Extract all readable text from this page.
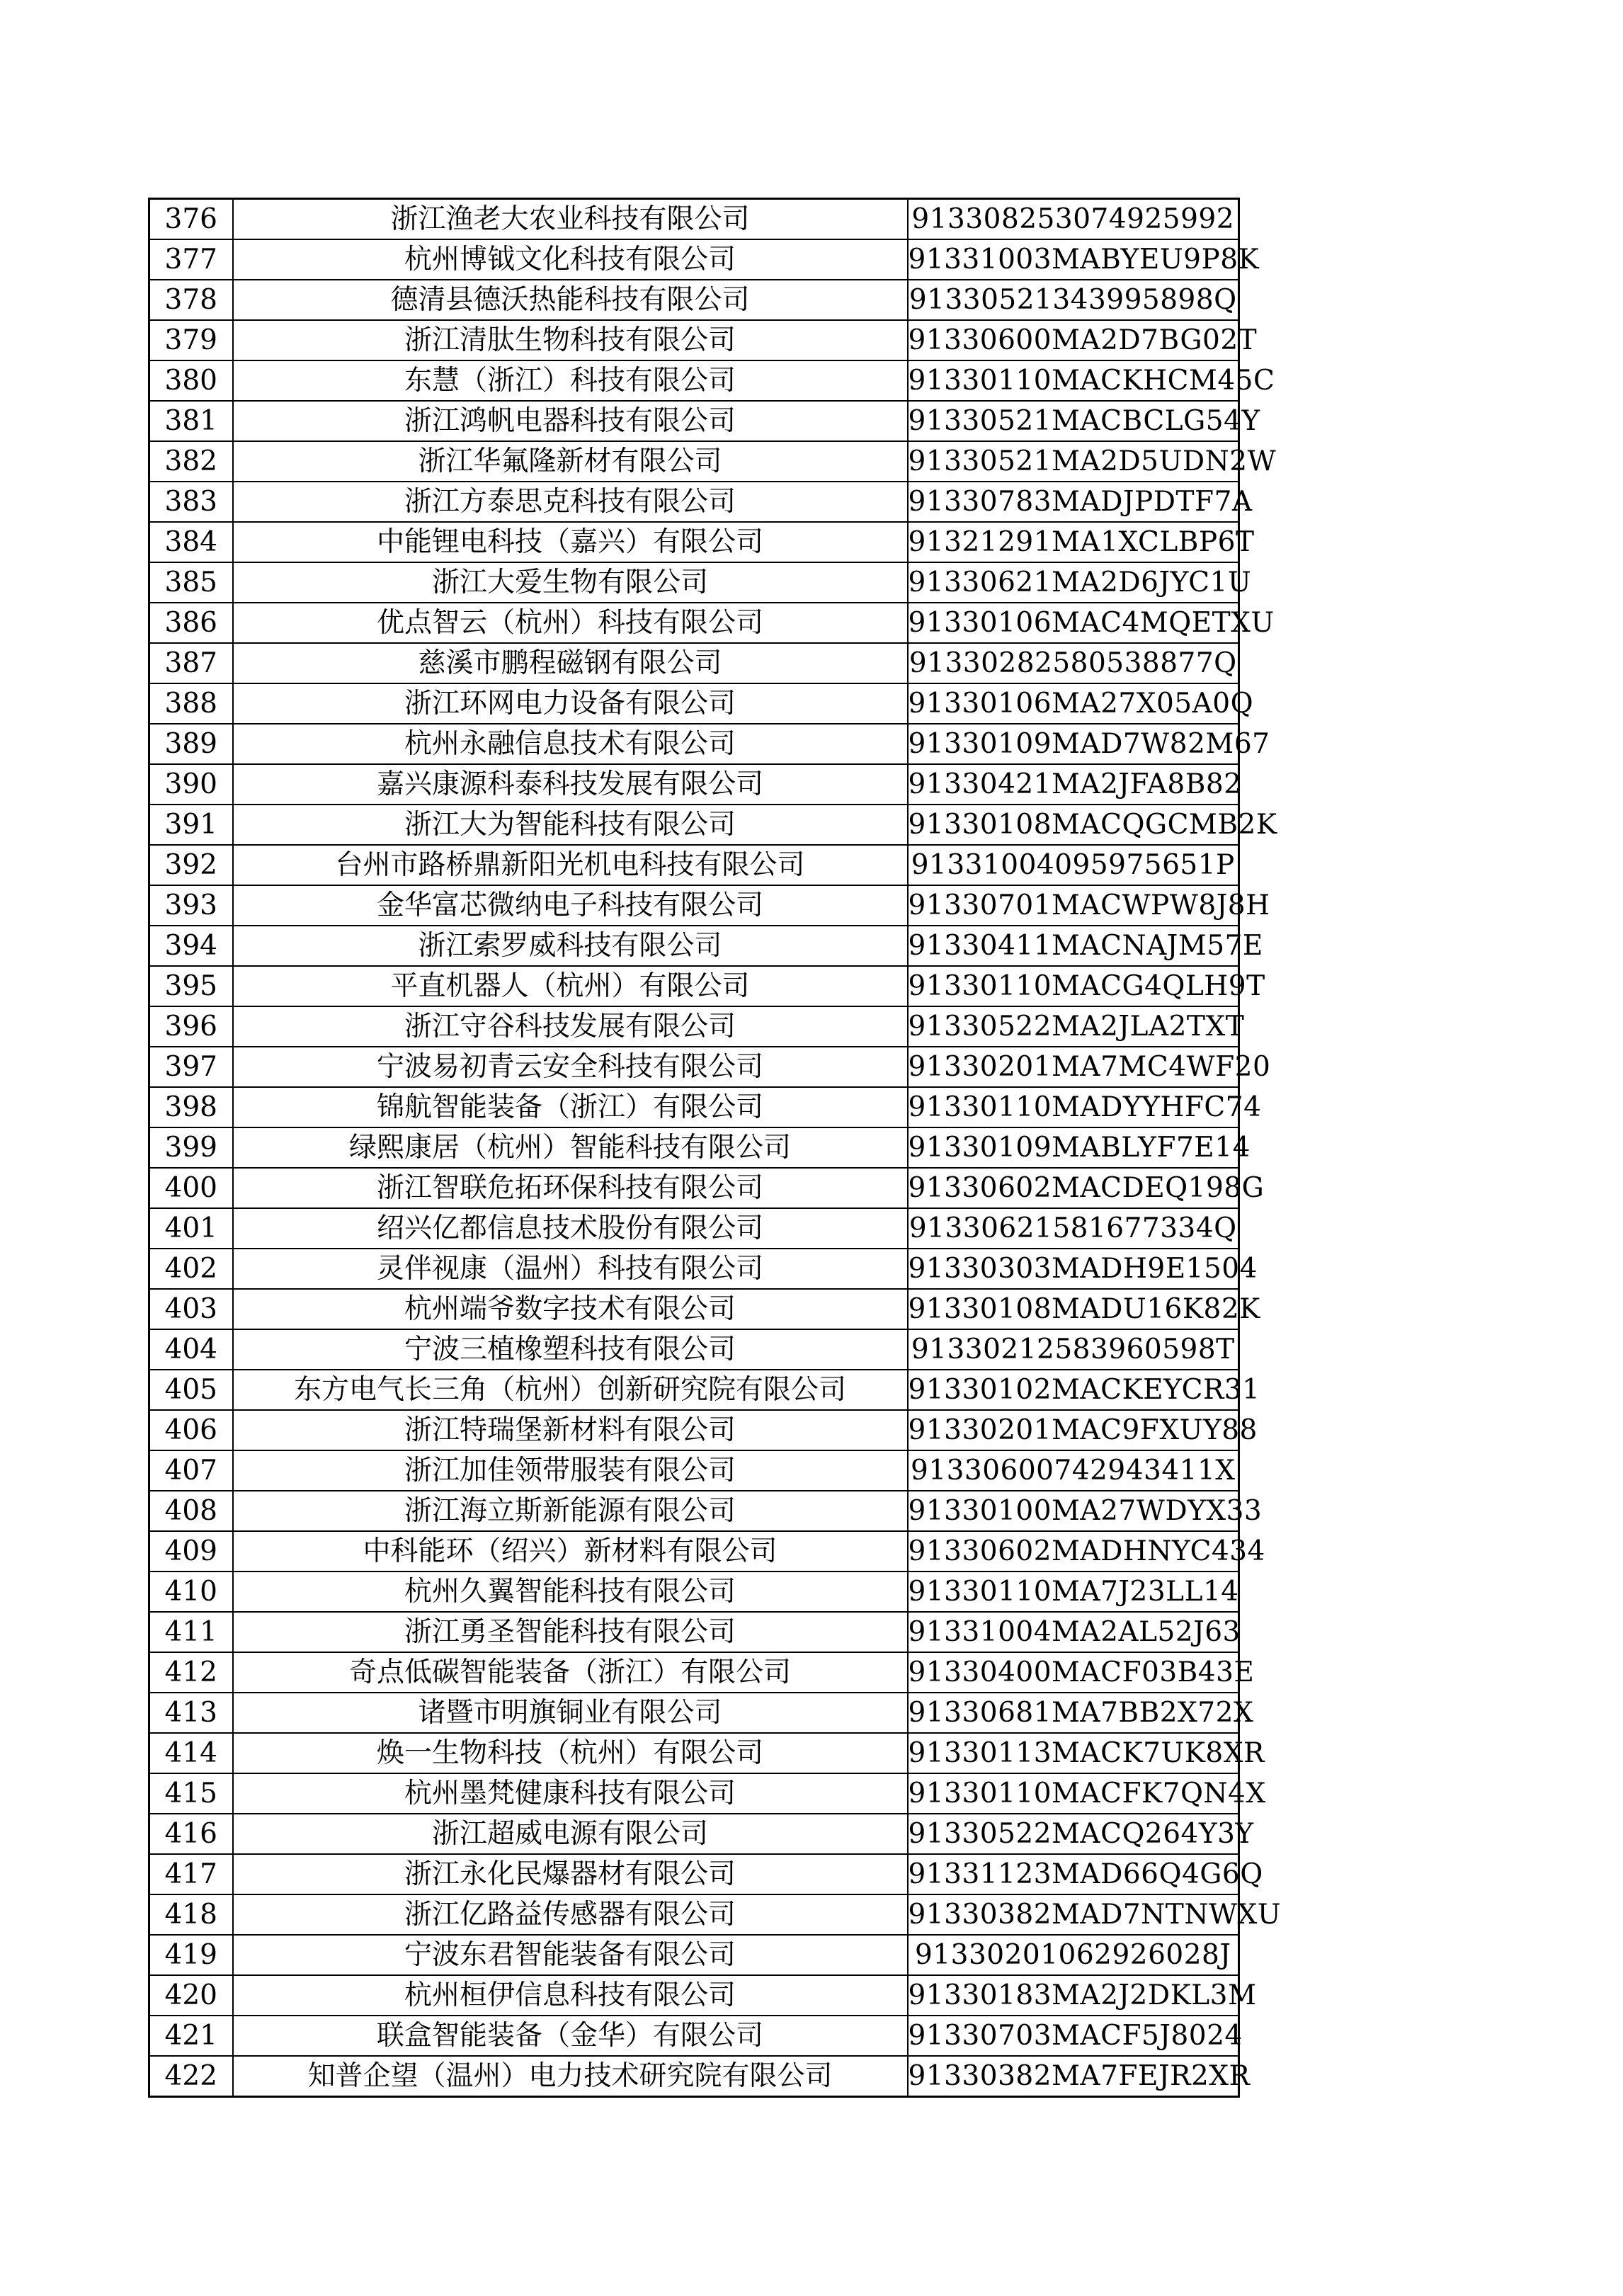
376	浙江渔老大农业科技有限公司	913308253074925992
377	杭州博钺文化科技有限公司	91331003MABYEU9P8K
378	德清县德沃热能科技有限公司	91330521343995898Q
379	浙江清肽生物科技有限公司	91330600MA2D7BG02T
380	东慧（浙江）科技有限公司	91330110MACKHCM45C
381	浙江鸿帆电器科技有限公司	91330521MACBCLG54Y
382	浙江华氟隆新材有限公司	91330521MA2D5UDN2W
383	浙江方泰思克科技有限公司	91330783MADJPDTF7A
384	中能锂电科技（嘉兴）有限公司	91321291MA1XCLBP6T
385	浙江大爱生物有限公司	91330621MA2D6JYC1U
386	优点智云（杭州）科技有限公司	91330106MAC4MQETXU
387	慈溪市鹏程磁钢有限公司	91330282580538877Q
388	浙江环网电力设备有限公司	91330106MA27X05A0Q
389	杭州永融信息技术有限公司	91330109MAD7W82M67
390	嘉兴康源科泰科技发展有限公司	91330421MA2JFA8B82
391	浙江大为智能科技有限公司	91330108MACQGCMB2K
392	台州市路桥鼎新阳光机电科技有限公司	91331004095975651P
393	金华富芯微纳电子科技有限公司	91330701MACWPW8J8H
394	浙江索罗威科技有限公司	91330411MACNAJM57E
395	平直机器人（杭州）有限公司	91330110MACG4QLH9T
396	浙江守谷科技发展有限公司	91330522MA2JLA2TXT
397	宁波易初青云安全科技有限公司	91330201MA7MC4WF20
398	锦航智能装备（浙江）有限公司	91330110MADYYHFC74
399	绿熙康居（杭州）智能科技有限公司	91330109MABLYF7E14
400	浙江智联危拓环保科技有限公司	91330602MACDEQ198G
401	绍兴亿都信息技术股份有限公司	91330621581677334Q
402	灵伴视康（温州）科技有限公司	91330303MADH9E1504
403	杭州端爷数字技术有限公司	91330108MADU16K82K
404	宁波三植橡塑科技有限公司	91330212583960598T
405	东方电气长三角（杭州）创新研究院有限公司	91330102MACKEYCR31
406	浙江特瑞堡新材料有限公司	91330201MAC9FXUY88
407	浙江加佳领带服装有限公司	91330600742943411X
408	浙江海立斯新能源有限公司	91330100MA27WDYX33
409	中科能环（绍兴）新材料有限公司	91330602MADHNYC434
410	杭州久翼智能科技有限公司	91330110MA7J23LL14
411	浙江勇圣智能科技有限公司	91331004MA2AL52J63
412	奇点低碳智能装备（浙江）有限公司	91330400MACF03B43E
413	诸暨市明旗铜业有限公司	91330681MA7BB2X72X
414	焕一生物科技（杭州）有限公司	91330113MACK7UK8XR
415	杭州墨梵健康科技有限公司	91330110MACFK7QN4X
416	浙江超威电源有限公司	91330522MACQ264Y3Y
417	浙江永化民爆器材有限公司	91331123MAD66Q4G6Q
418	浙江亿路益传感器有限公司	91330382MAD7NTNWXU
419	宁波东君智能装备有限公司	91330201062926028J
420	杭州桓伊信息科技有限公司	91330183MA2J2DKL3M
421	联盒智能装备（金华）有限公司	91330703MACF5J8024
422	知普企望（温州）电力技术研究院有限公司	91330382MA7FEJR2XR
